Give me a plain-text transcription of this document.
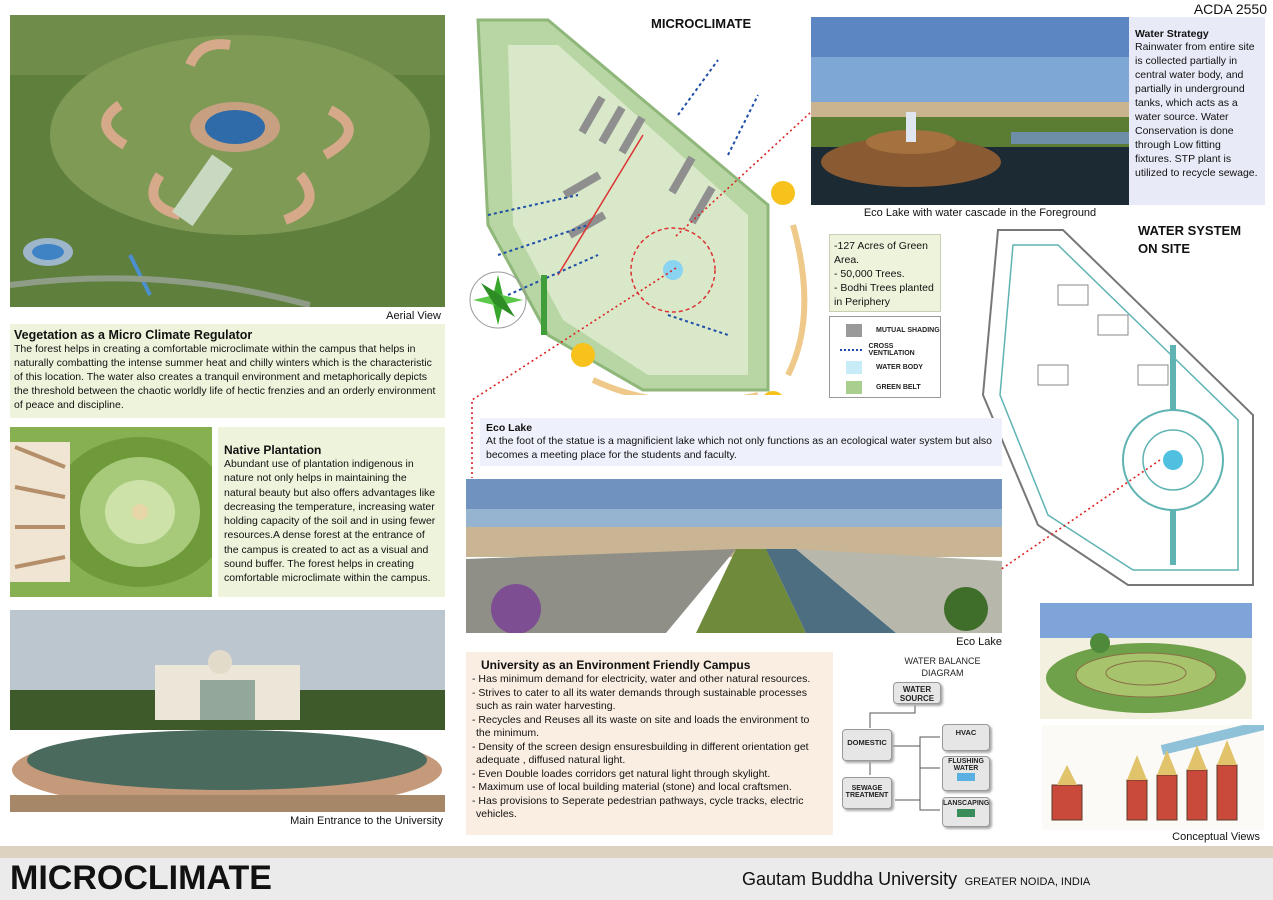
ACDA 2550
Aerial View
Vegetation as a Micro Climate Regulator
The forest helps in creating a comfortable microclimate within the campus that helps in naturally combatting the intense summer heat and chilly winters which is the characteristic of this location. The water also creates a tranquil environment and metaphorically depicts the threshold between the chaotic worldly life of hectic frenzies and an orderly environment of peace and discipline.
Native Plantation
Abundant use of plantation indigenous in nature not only helps in maintaining the natural beauty but also offers advantages like decreasing the temperature, increasing water holding capacity of the soil and in using fewer resources.A dense forest at the entrance of the campus is created to act as a visual and sound buffer. The forest helps in creating comfortable microclimate within the campus.
Main Entrance to the University
MICROCLIMATE
Eco Lake with water cascade in the Foreground
Water Strategy
Rainwater from entire site is collected partially in central water body, and partially in underground tanks, which acts as a water source. Water Conservation is done through Low fitting fixtures. STP plant is utilized to recycle sewage.
-127 Acres of Green Area.
- 50,000 Trees.
- Bodhi Trees planted in Periphery
MUTUAL SHADING
CROSS VENTILATION
WATER BODY
GREEN BELT
WATER SYSTEM
ON SITE
Eco Lake
At the foot of the statue is a magnificient lake which not only functions as an ecological water system but also becomes a meeting place for the students and faculty.
Eco Lake
University as an Environment Friendly Campus
- Has minimum demand for electricity, water and other natural resources.
- Strives to cater to all its water demands through sustainable processes
such as rain water harvesting.
- Recycles and Reuses all its waste on site and loads the environment to
the minimum.
- Density of the screen design ensuresbuilding in different orientation get
adequate , diffused natural light.
- Even Double loades corridors get natural light through skylight.
- Maximum use of local building material (stone) and local craftsmen.
- Has provisions to Seperate pedestrian pathways, cycle tracks, electric
vehicles.
WATER BALANCE
DIAGRAM
WATER SOURCE
DOMESTIC
SEWAGE TREATMENT
HVAC
FLUSHING WATER
LANSCAPING
Conceptual Views
MICROCLIMATE	Gautam Buddha University GREATER NOIDA, INDIA
